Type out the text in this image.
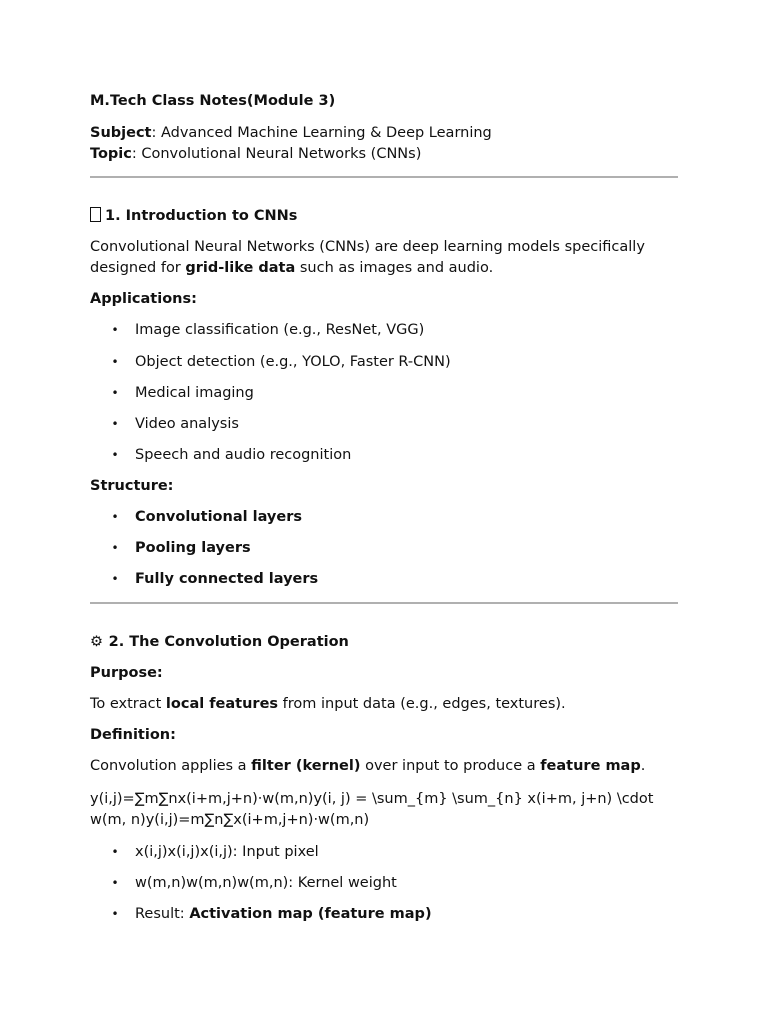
M.Tech Class Notes(Module 3)
Subject: Advanced Machine Learning & Deep Learning
Topic: Convolutional Neural Networks (CNNs)
1. Introduction to CNNs
Convolutional Neural Networks (CNNs) are deep learning models specifically designed for grid-like data such as images and audio.
Applications:
• Image classification (e.g., ResNet, VGG)
• Object detection (e.g., YOLO, Faster R-CNN)
• Medical imaging
• Video analysis
• Speech and audio recognition
Structure:
• Convolutional layers
• Pooling layers
• Fully connected layers
⚙ 2. The Convolution Operation
Purpose:
To extract local features from input data (e.g., edges, textures).
Definition:
Convolution applies a filter (kernel) over input to produce a feature map.
y(i,j)=∑m∑nx(i+m,j+n)⋅w(m,n)y(i, j) = \sum_{m} \sum_{n} x(i+m, j+n) \cdot
w(m, n)y(i,j)=m∑n∑x(i+m,j+n)⋅w(m,n)
• x(i,j)x(i,j)x(i,j): Input pixel
• w(m,n)w(m,n)w(m,n): Kernel weight
• Result: Activation map (feature map)
